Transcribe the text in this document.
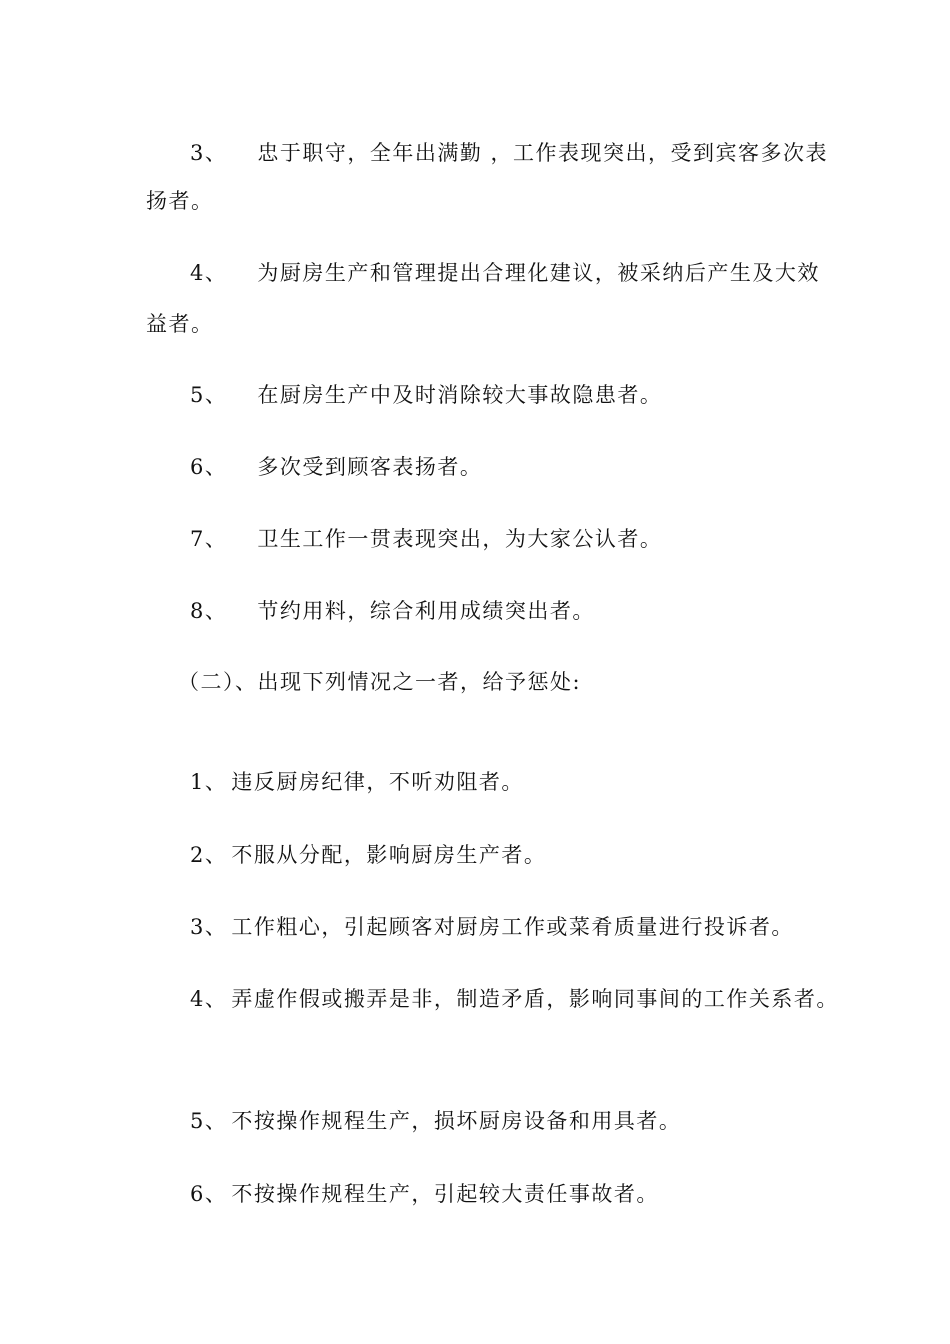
3、 忠于职守，全年出满勤 ，工作表现突出，受到宾客多次表
扬者。
4、 为厨房生产和管理提出合理化建议，被采纳后产生及大效
益者。
5、 在厨房生产中及时消除较大事故隐患者。
6、 多次受到顾客表扬者。
7、 卫生工作一贯表现突出，为大家公认者。
8、 节约用料，综合利用成绩突出者。
（二）、出现下列情况之一者，给予惩处:
1、 违反厨房纪律，不听劝阻者。
2、 不服从分配，影响厨房生产者。
3、 工作粗心，引起顾客对厨房工作或菜肴质量进行投诉者。
4、 弄虚作假或搬弄是非，制造矛盾，影响同事间的工作关系者。
5、 不按操作规程生产，损坏厨房设备和用具者。
6、 不按操作规程生产，引起较大责任事故者。
